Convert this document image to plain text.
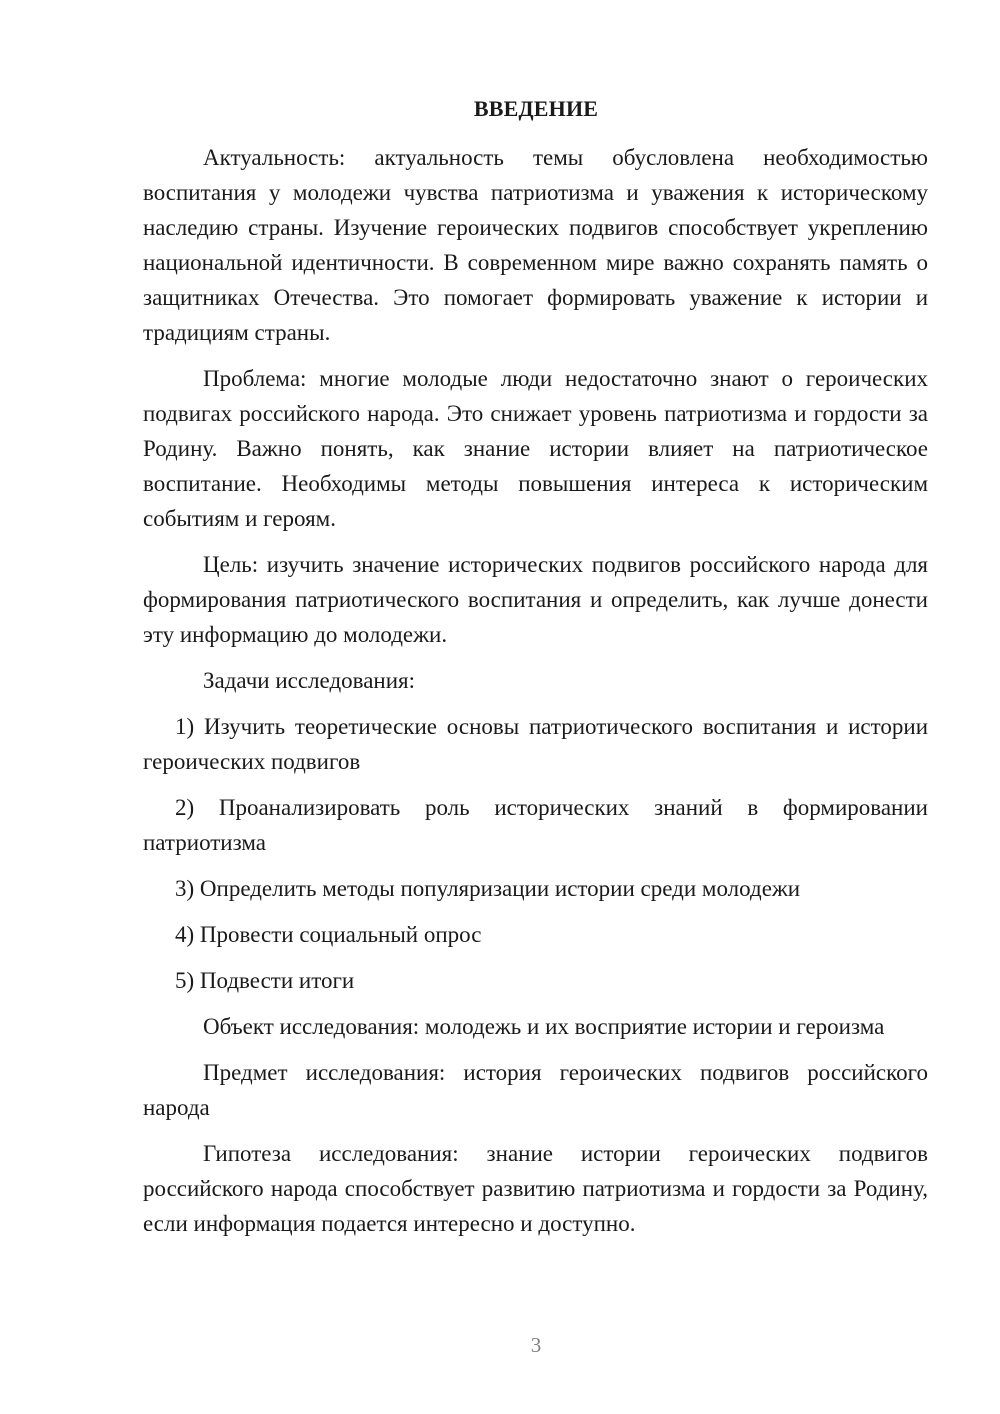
ВВЕДЕНИЕ

Актуальность: актуальность темы обусловлена необходимостью воспитания у молодежи чувства патриотизма и уважения к историческому наследию страны. Изучение героических подвигов способствует укреплению национальной идентичности. В современном мире важно сохранять память о защитниках Отечества. Это помогает формировать уважение к истории и традициям страны.

Проблема: многие молодые люди недостаточно знают о героических подвигах российского народа. Это снижает уровень патриотизма и гордости за Родину. Важно понять, как знание истории влияет на патриотическое воспитание. Необходимы методы повышения интереса к историческим событиям и героям.

Цель: изучить значение исторических подвигов российского народа для формирования патриотического воспитания и определить, как лучше донести эту информацию до молодежи.

Задачи исследования:

1) Изучить теоретические основы патриотического воспитания и истории героических подвигов

2) Проанализировать роль исторических знаний в формировании патриотизма

3) Определить методы популяризации истории среди молодежи

4) Провести социальный опрос

5) Подвести итоги

Объект исследования: молодежь и их восприятие истории и героизма

Предмет исследования: история героических подвигов российского народа

Гипотеза исследования: знание истории героических подвигов российского народа способствует развитию патриотизма и гордости за Родину, если информация подается интересно и доступно.

3
